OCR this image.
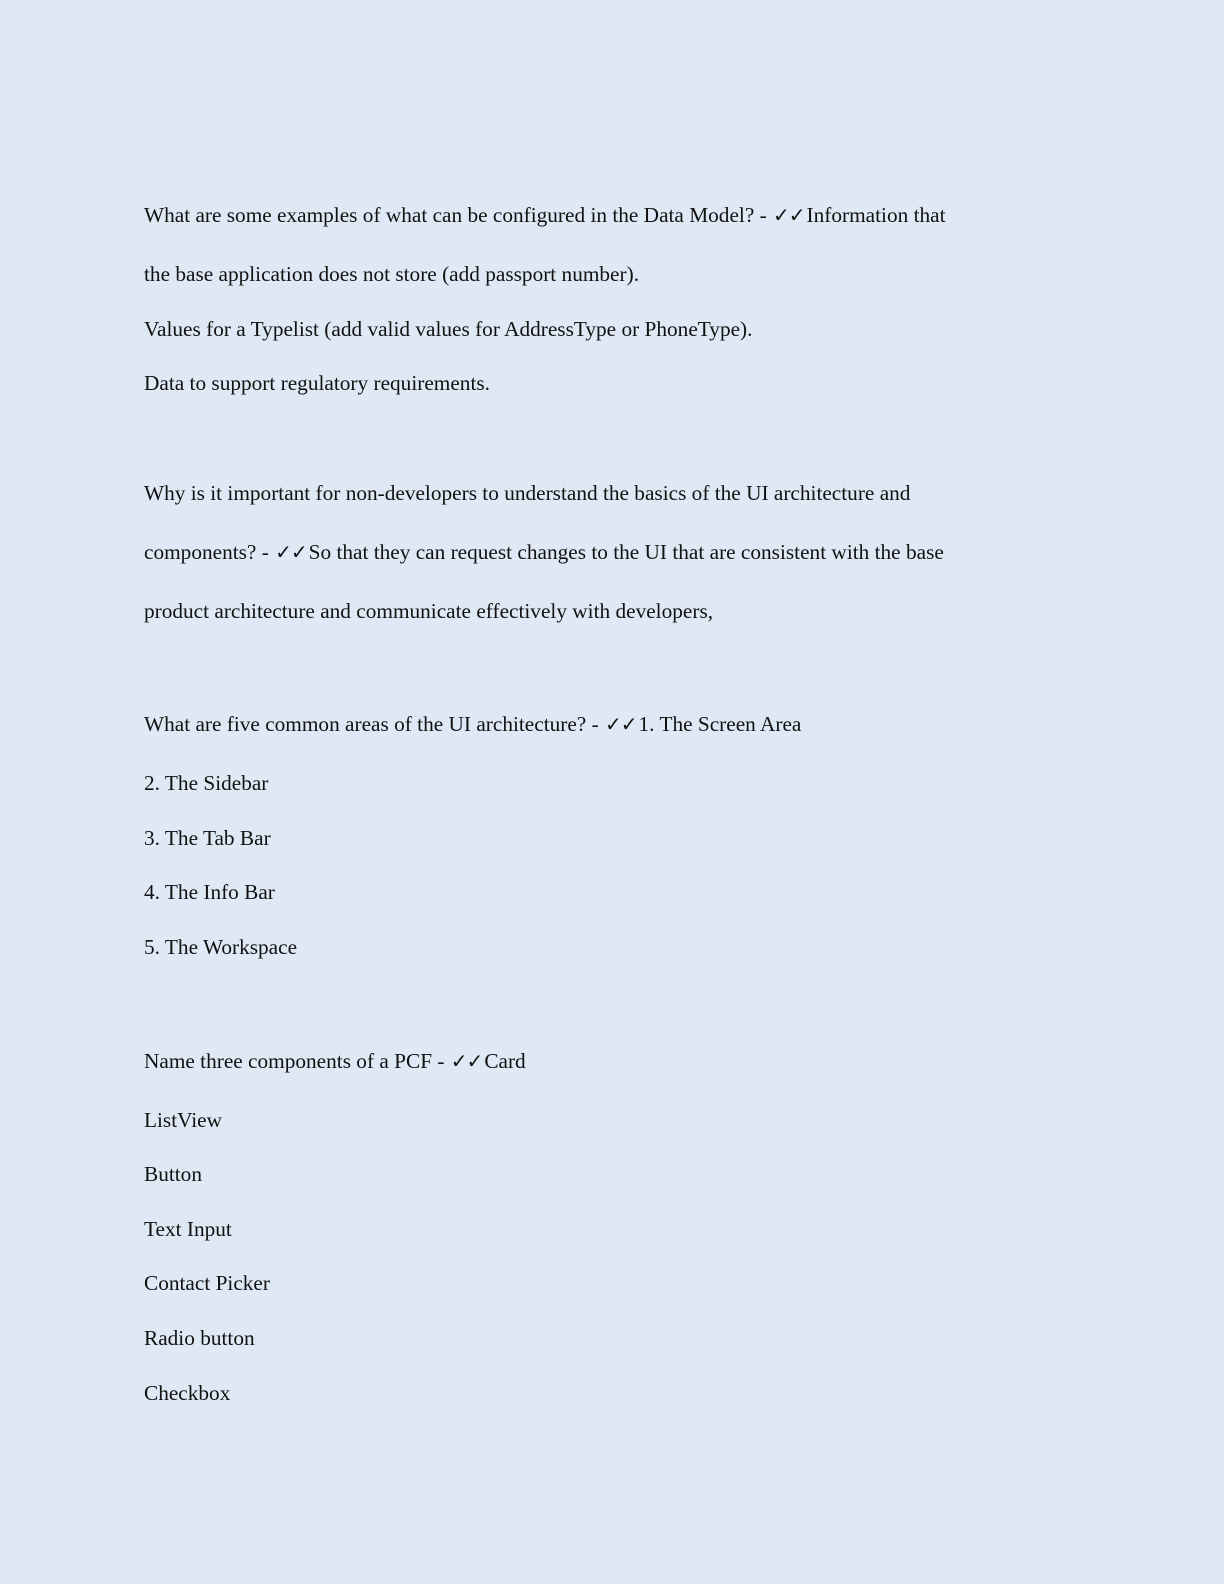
What are some examples of what can be configured in the Data Model? - ✓✓Information that
the base application does not store (add passport number).
Values for a Typelist (add valid values for AddressType or PhoneType).
Data to support regulatory requirements.
Why is it important for non-developers to understand the basics of the UI architecture and
components? - ✓✓So that they can request changes to the UI that are consistent with the base
product architecture and communicate effectively with developers,
What are five common areas of the UI architecture? - ✓✓1. The Screen Area
2. The Sidebar
3. The Tab Bar
4. The Info Bar
5. The Workspace
Name three components of a PCF - ✓✓Card
ListView
Button
Text Input
Contact Picker
Radio button
Checkbox
